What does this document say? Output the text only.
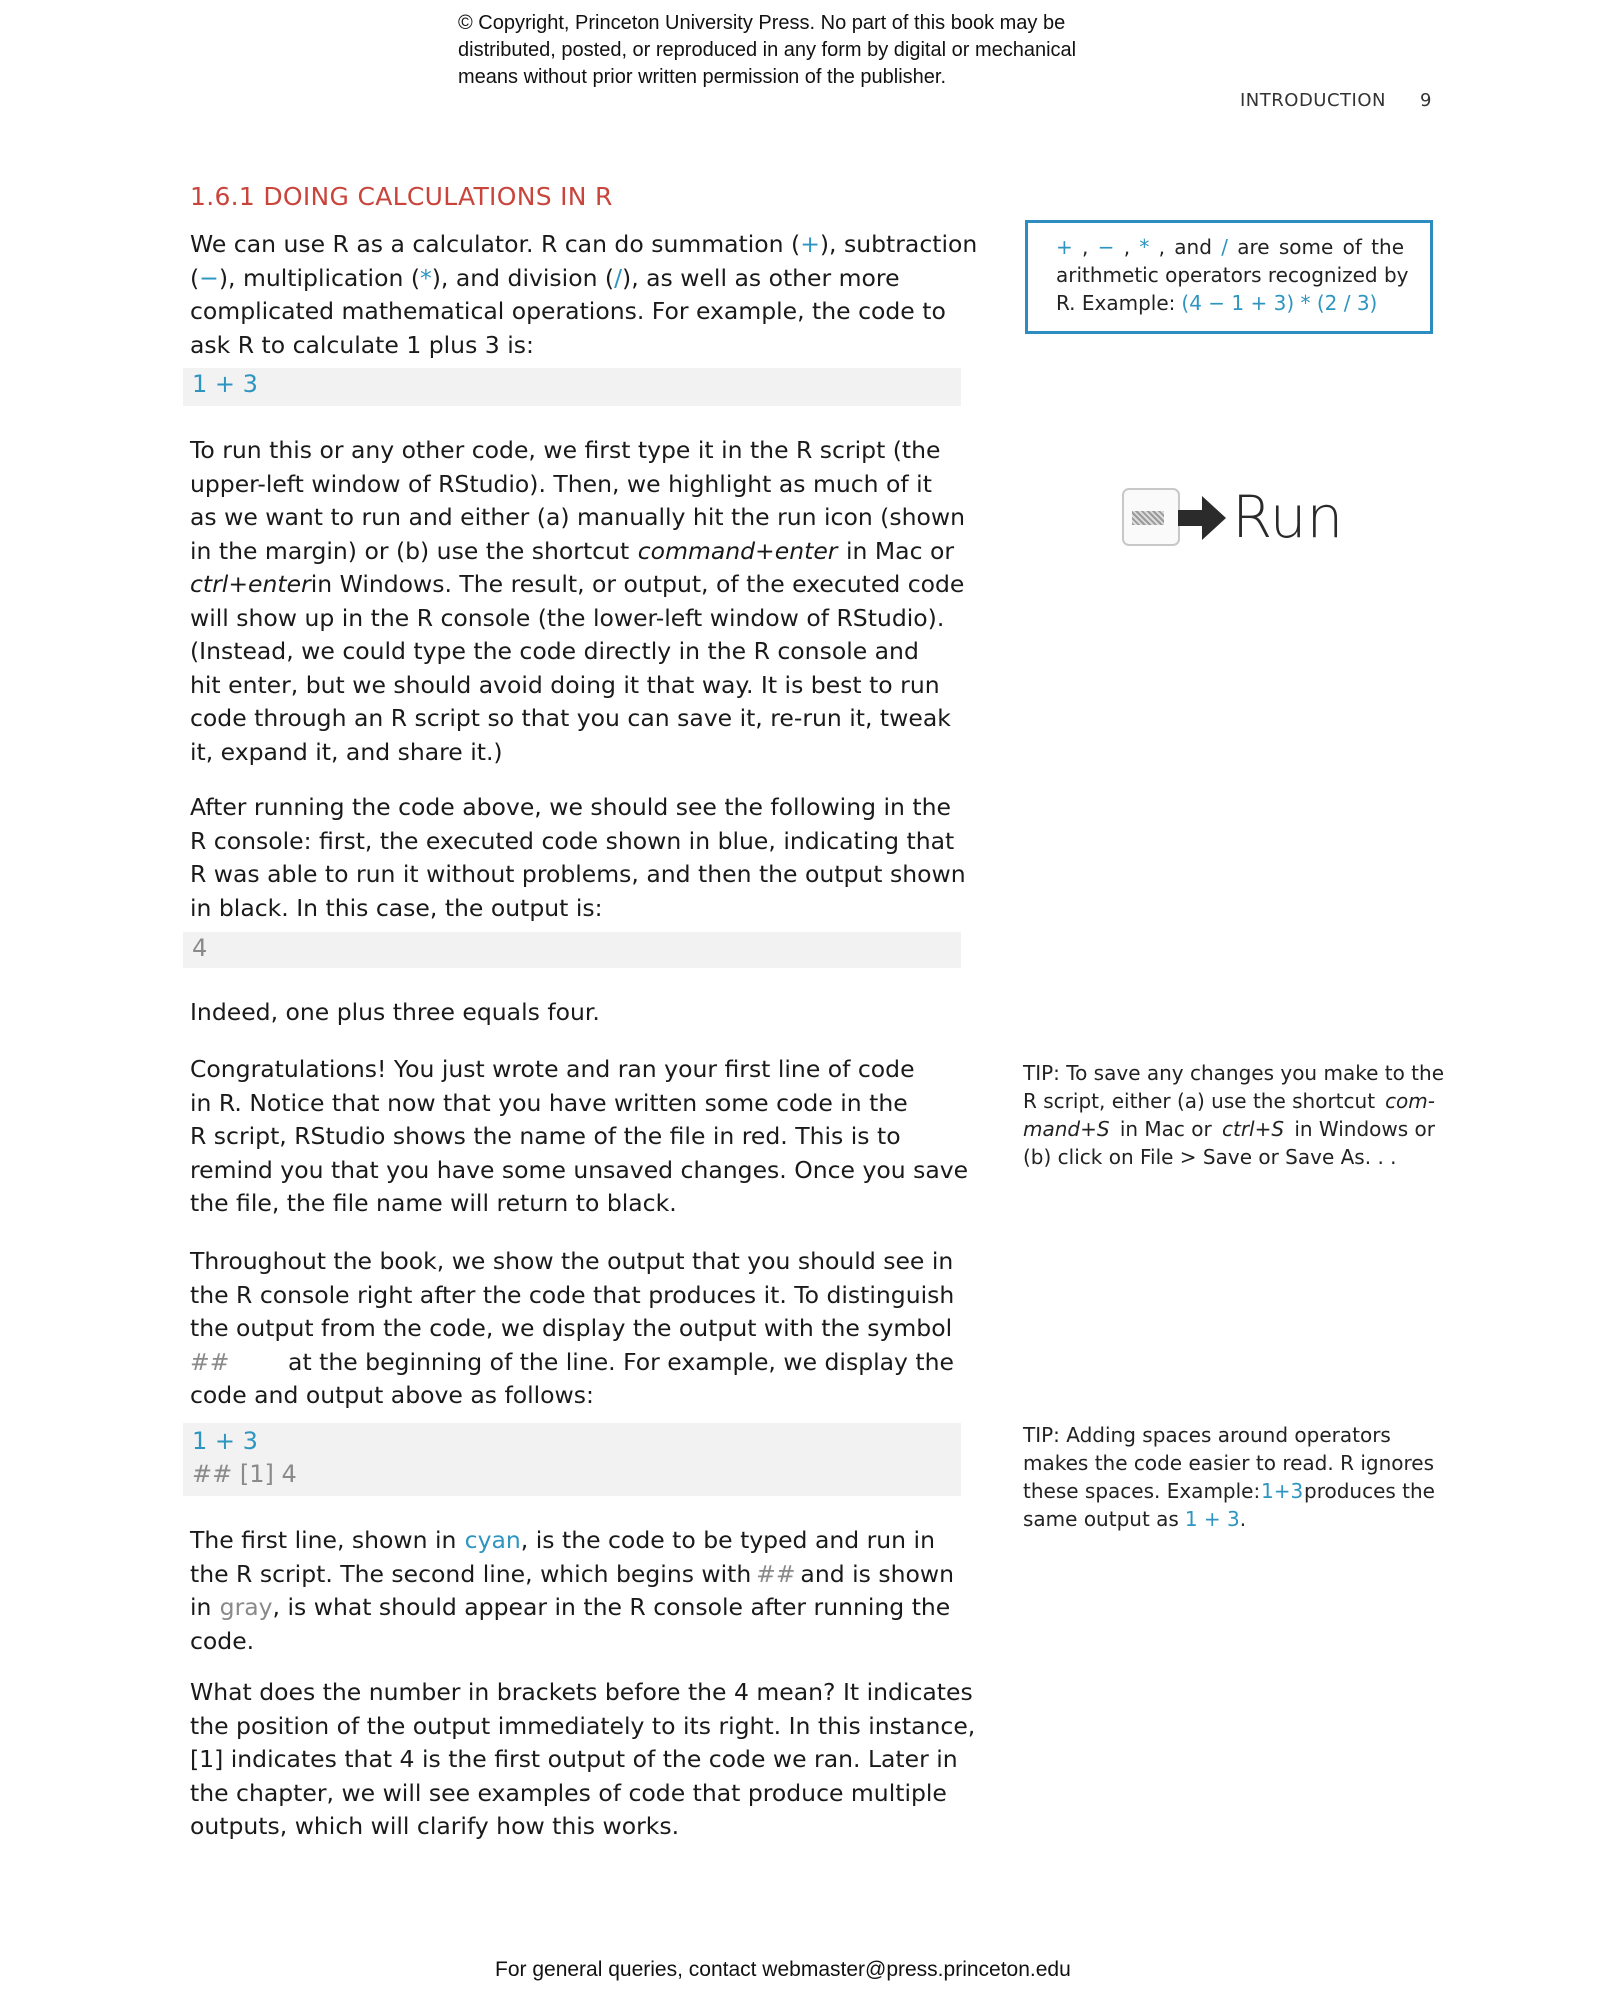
© Copyright, Princeton University Press. No part of this book may be
distributed, posted, or reproduced in any form by digital or mechanical
means without prior written permission of the publisher.
INTRODUCTION 9
1.6.1 DOING CALCULATIONS IN R
We can use R as a calculator. R can do summation ( + ), subtraction
( − ), multiplication ( * ), and division ( / ), as well as other more
complicated mathematical operations. For example, the code to
ask R to calculate 1 plus 3 is:
1 + 3
+ , − , * , and / are some of the
arithmetic operators recognized by
R. Example: (4 − 1 + 3) * (2 / 3)
To run this or any other code, we first type it in the R script (the
upper-left window of RStudio). Then, we highlight as much of it
as we want to run and either (a) manually hit the run icon (shown
in the margin) or (b) use the shortcut command+enter in Mac or
ctrl+enter in Windows. The result, or output, of the executed code
will show up in the R console (the lower-left window of RStudio).
(Instead, we could type the code directly in the R console and
hit enter, but we should avoid doing it that way. It is best to run
code through an R script so that you can save it, re-run it, tweak
it, expand it, and share it.)
Run
After running the code above, we should see the following in the
R console: first, the executed code shown in blue, indicating that
R was able to run it without problems, and then the output shown
in black. In this case, the output is:
4
Indeed, one plus three equals four.
Congratulations! You just wrote and ran your first line of code
in R. Notice that now that you have written some code in the
R script, RStudio shows the name of the file in red. This is to
remind you that you have some unsaved changes. Once you save
the file, the file name will return to black.
TIP: To save any changes you make to the
R script, either (a) use the shortcut com-
mand+S in Mac or ctrl+S in Windows or
(b) click on File > Save or Save As. . .
Throughout the book, we show the output that you should see in
the R console right after the code that produces it. To distinguish
the output from the code, we display the output with the symbol
## at the beginning of the line. For example, we display the
code and output above as follows:
1 + 3
## [1] 4
TIP: Adding spaces around operators
makes the code easier to read. R ignores
these spaces. Example: 1+3 produces the
same output as 1 + 3 .
The first line, shown in cyan , is the code to be typed and run in
the R script. The second line, which begins with ## and is shown
in gray , is what should appear in the R console after running the
code.
What does the number in brackets before the 4 mean? It indicates
the position of the output immediately to its right. In this instance,
[1] indicates that 4 is the first output of the code we ran. Later in
the chapter, we will see examples of code that produce multiple
outputs, which will clarify how this works.
For general queries, contact webmaster@press.princeton.edu
